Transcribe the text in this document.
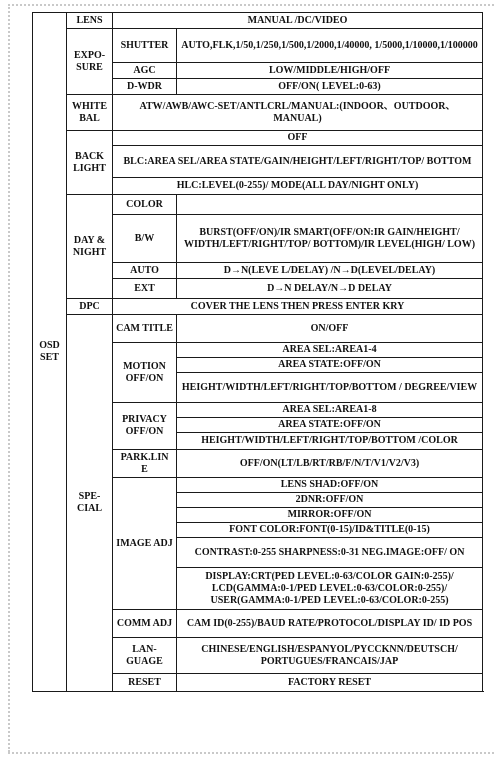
OSD SET	LENS	MANUAL /DC/VIDEO	
	EXPO-SURE	SHUTTER	AUTO,FLK,1/50,1/250,1/500,1/2000,1/40000, 1/5000,1/10000,1/100000
		AGC	LOW/MIDDLE/HIGH/OFF
		D-WDR	OFF/ON( LEVEL:0-63)
	WHITE BAL	ATW/AWB/AWC-SET/ANTLCRL/MANUAL:(INDOOR、OUTDOOR、MANUAL)	
	BACK LIGHT	OFF	
		BLC:AREA SEL/AREA STATE/GAIN/HEIGHT/LEFT/RIGHT/TOP/ BOTTOM	
		HLC:LEVEL(0-255)/ MODE(ALL DAY/NIGHT ONLY)	
	DAY & NIGHT	COLOR	
		B/W	BURST(OFF/ON)/IR SMART(OFF/ON:IR GAIN/HEIGHT/ WIDTH/LEFT/RIGHT/TOP/ BOTTOM)/IR LEVEL(HIGH/ LOW)
		AUTO	D→N(LEVE L/DELAY) /N→D(LEVEL/DELAY)
		EXT	D→N DELAY/N→D DELAY
	DPC	COVER THE LENS THEN PRESS ENTER KRY	
	SPE-CIAL	CAM TITLE	ON/OFF
		MOTION OFF/ON	AREA SEL:AREA1-4
			AREA STATE:OFF/ON
			HEIGHT/WIDTH/LEFT/RIGHT/TOP/BOTTOM / DEGREE/VIEW
		PRIVACY OFF/ON	AREA SEL:AREA1-8
			AREA STATE:OFF/ON
			HEIGHT/WIDTH/LEFT/RIGHT/TOP/BOTTOM /COLOR
		PARK.LIN E	OFF/ON(LT/LB/RT/RB/F/N/T/V1/V2/V3)
		IMAGE ADJ	LENS SHAD:OFF/ON
			2DNR:OFF/ON
			MIRROR:OFF/ON
			FONT COLOR:FONT(0-15)/ID&TITLE(0-15)
			CONTRAST:0-255 SHARPNESS:0-31 NEG.IMAGE:OFF/ ON
			DISPLAY:CRT(PED LEVEL:0-63/COLOR GAIN:0-255)/ LCD(GAMMA:0-1/PED LEVEL:0-63/COLOR:0-255)/ USER(GAMMA:0-1/PED LEVEL:0-63/COLOR:0-255)
		COMM ADJ	CAM ID(0-255)/BAUD RATE/PROTOCOL/DISPLAY ID/ ID POS
		LAN-GUAGE	CHINESE/ENGLISH/ESPANYOL/PYCCKNN/DEUTSCH/ PORTUGUES/FRANCAIS/JAP
		RESET	FACTORY RESET
